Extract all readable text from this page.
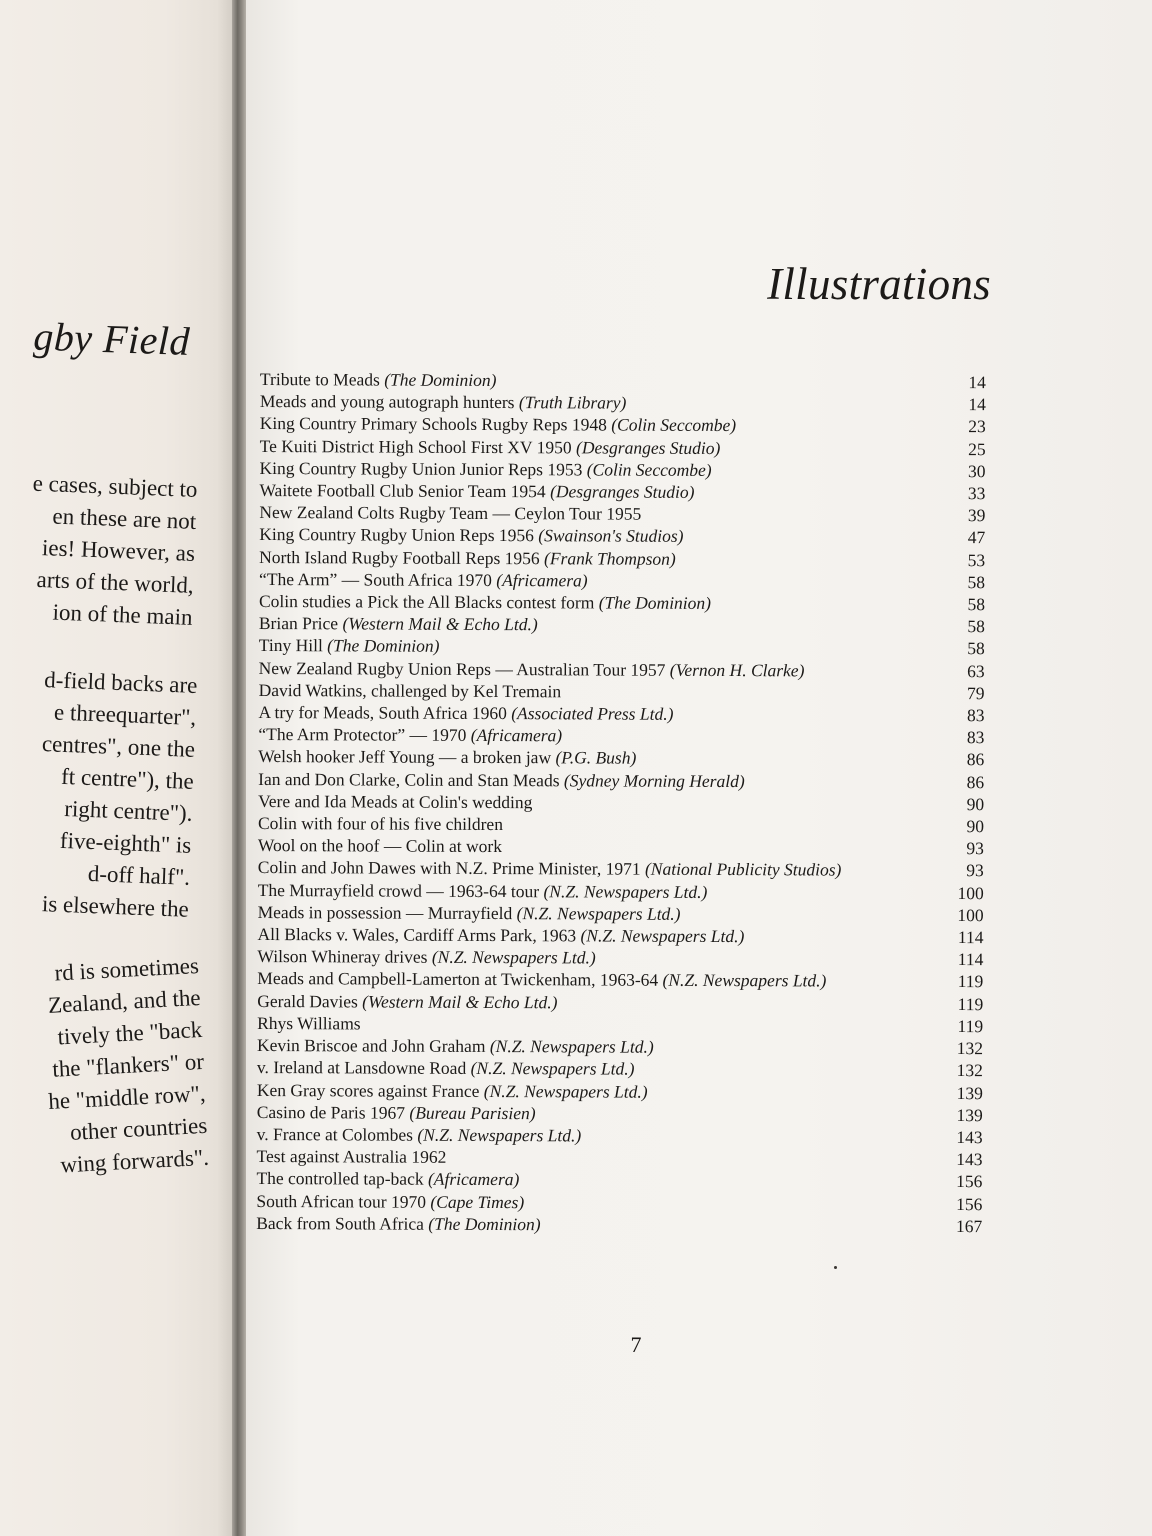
gby Field
e cases, subject to
en these are not
ies! However, as
arts of the world,
ion of the main
d-field backs are
e threequarter",
centres", one the
ft centre"), the
right centre").
five-eighth" is
d-off half".
is elsewhere the
rd is sometimes
Zealand, and the
tively the "back
the "flankers" or
he "middle row",
other countries
wing forwards".
Illustrations
Tribute to Meads (The Dominion)	14
Meads and young autograph hunters (Truth Library)	14
King Country Primary Schools Rugby Reps 1948 (Colin Seccombe)	23
Te Kuiti District High School First XV 1950 (Desgranges Studio)	25
King Country Rugby Union Junior Reps 1953 (Colin Seccombe)	30
Waitete Football Club Senior Team 1954 (Desgranges Studio)	33
New Zealand Colts Rugby Team — Ceylon Tour 1955	39
King Country Rugby Union Reps 1956 (Swainson's Studios)	47
North Island Rugby Football Reps 1956 (Frank Thompson)	53
“The Arm” — South Africa 1970 (Africamera)	58
Colin studies a Pick the All Blacks contest form (The Dominion)	58
Brian Price (Western Mail & Echo Ltd.)	58
Tiny Hill (The Dominion)	58
New Zealand Rugby Union Reps — Australian Tour 1957 (Vernon H. Clarke)	63
David Watkins, challenged by Kel Tremain	79
A try for Meads, South Africa 1960 (Associated Press Ltd.)	83
“The Arm Protector” — 1970 (Africamera)	83
Welsh hooker Jeff Young — a broken jaw (P.G. Bush)	86
Ian and Don Clarke, Colin and Stan Meads (Sydney Morning Herald)	86
Vere and Ida Meads at Colin's wedding	90
Colin with four of his five children	90
Wool on the hoof — Colin at work	93
Colin and John Dawes with N.Z. Prime Minister, 1971 (National Publicity Studios)	93
The Murrayfield crowd — 1963-64 tour (N.Z. Newspapers Ltd.)	100
Meads in possession — Murrayfield (N.Z. Newspapers Ltd.)	100
All Blacks v. Wales, Cardiff Arms Park, 1963 (N.Z. Newspapers Ltd.)	114
Wilson Whineray drives (N.Z. Newspapers Ltd.)	114
Meads and Campbell-Lamerton at Twickenham, 1963-64 (N.Z. Newspapers Ltd.)	119
Gerald Davies (Western Mail & Echo Ltd.)	119
Rhys Williams	119
Kevin Briscoe and John Graham (N.Z. Newspapers Ltd.)	132
v. Ireland at Lansdowne Road (N.Z. Newspapers Ltd.)	132
Ken Gray scores against France (N.Z. Newspapers Ltd.)	139
Casino de Paris 1967 (Bureau Parisien)	139
v. France at Colombes (N.Z. Newspapers Ltd.)	143
Test against Australia 1962	143
The controlled tap-back (Africamera)	156
South African tour 1970 (Cape Times)	156
Back from South Africa (The Dominion)	167
7
